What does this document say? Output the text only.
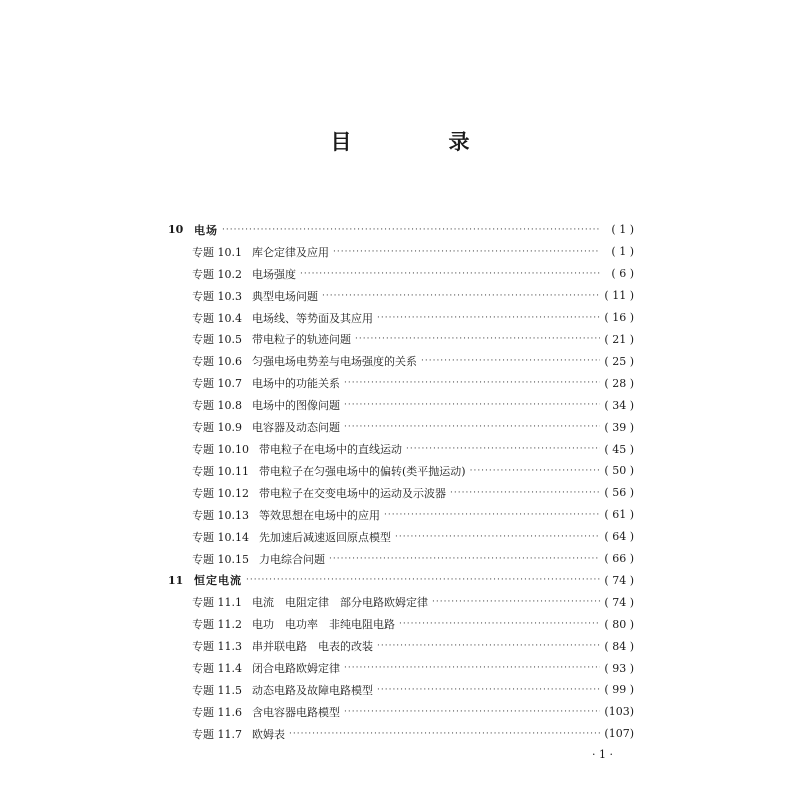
目　录
10 电场 ·····	( 1 )
专题 10.1 库仑定律及应用 ·····	( 1 )
专题 10.2 电场强度 ·····	( 6 )
专题 10.3 典型电场问题 ·····	( 11 )
专题 10.4 电场线、等势面及其应用 ·····	( 16 )
专题 10.5 带电粒子的轨迹问题 ·····	( 21 )
专题 10.6 匀强电场电势差与电场强度的关系 ·····	( 25 )
专题 10.7 电场中的功能关系 ·····	( 28 )
专题 10.8 电场中的图像问题 ·····	( 34 )
专题 10.9 电容器及动态问题 ·····	( 39 )
专题 10.10 带电粒子在电场中的直线运动 ·····	( 45 )
专题 10.11 带电粒子在匀强电场中的偏转(类平抛运动) ·····	( 50 )
专题 10.12 带电粒子在交变电场中的运动及示波器 ·····	( 56 )
专题 10.13 等效思想在电场中的应用 ·····	( 61 )
专题 10.14 先加速后减速返回原点模型 ·····	( 64 )
专题 10.15 力电综合问题 ·····	( 66 )
11 恒定电流 ·····	( 74 )
专题 11.1 电流　电阻定律　部分电路欧姆定律 ·····	( 74 )
专题 11.2 电功　电功率　非纯电阻电路 ·····	( 80 )
专题 11.3 串并联电路　电表的改装 ·····	( 84 )
专题 11.4 闭合电路欧姆定律 ·····	( 93 )
专题 11.5 动态电路及故障电路模型 ·····	( 99 )
专题 11.6 含电容器电路模型 ·····	(103)
专题 11.7 欧姆表 ·····	(107)
· 1 ·
